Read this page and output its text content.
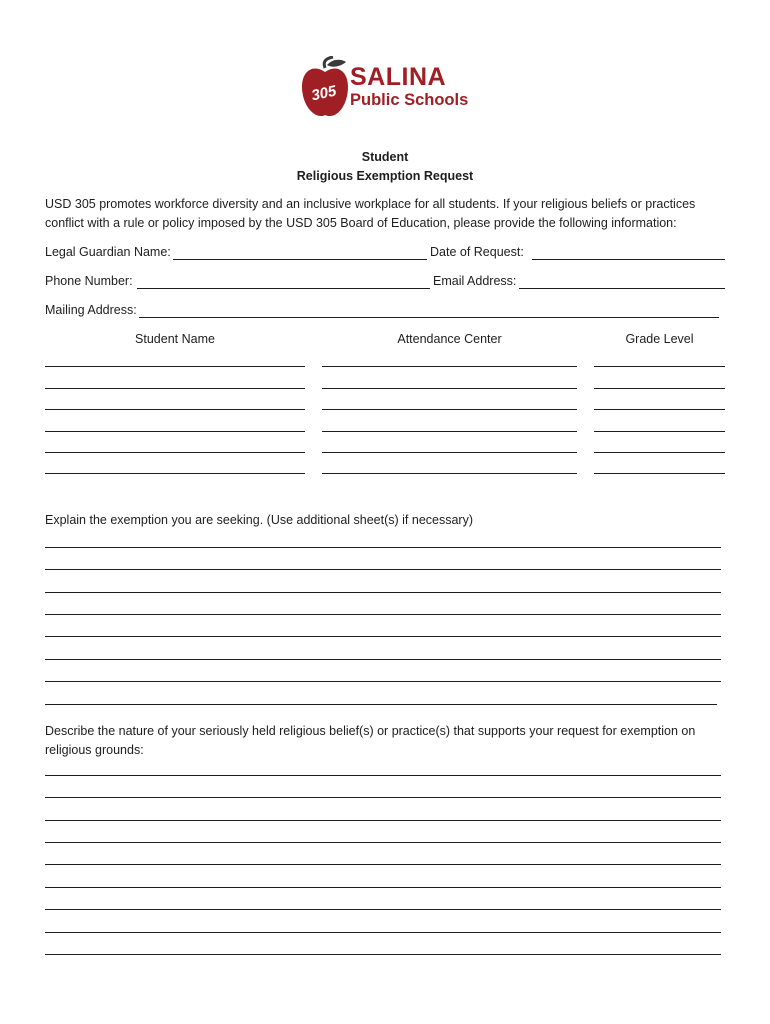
305
SALINA
Public Schools
Student
Religious Exemption Request
USD 305 promotes workforce diversity and an inclusive workplace for all students. If your religious beliefs or practices conflict with a rule or policy imposed by the USD 305 Board of Education, please provide the following information:
Legal Guardian Name:	Date of Request:
Phone Number:	Email Address:
Mailing Address:
Student Name	Attendance Center	Grade Level
Explain the exemption you are seeking. (Use additional sheet(s) if necessary)
Describe the nature of your seriously held religious belief(s) or practice(s) that supports your request for exemption on religious grounds:
